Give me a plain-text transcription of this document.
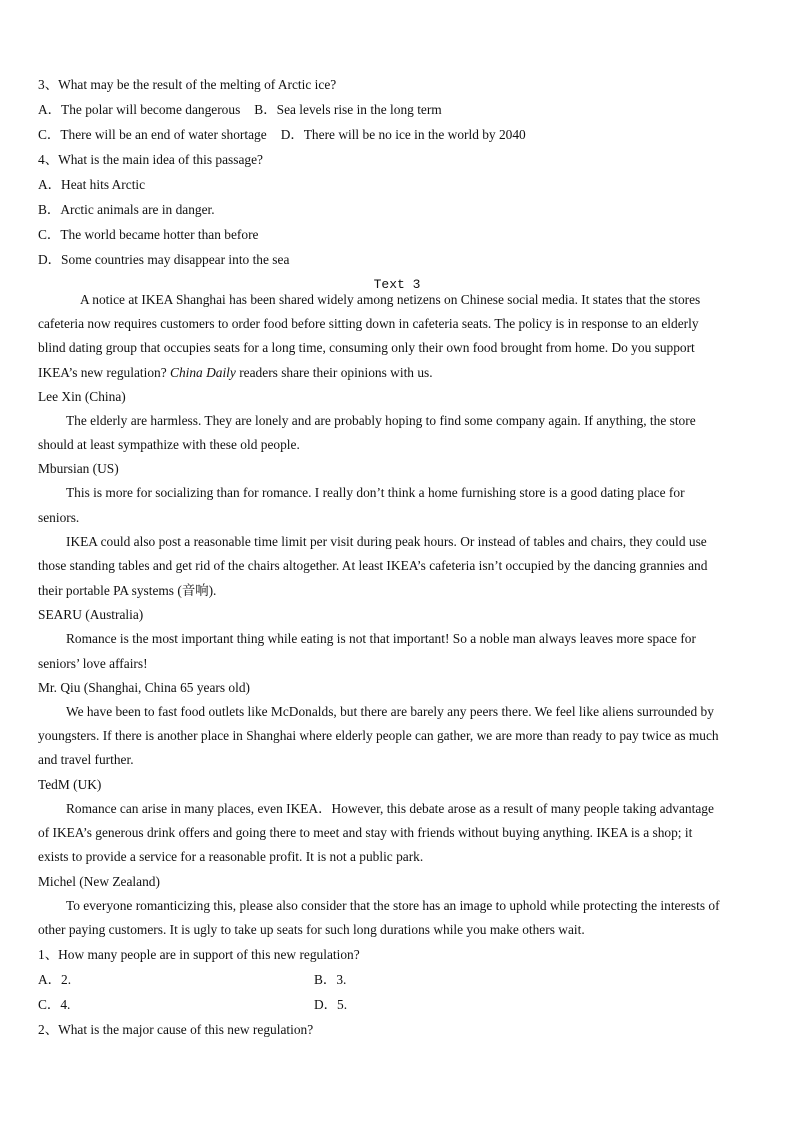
3、What may be the result of the melting of Arctic ice?
A．The polar will become dangerous B．Sea levels rise in the long term
C．There will be an end of water shortage D．There will be no ice in the world by 2040
4、What is the main idea of this passage?
A．Heat hits Arctic
B．Arctic animals are in danger.
C．The world became hotter than before
D．Some countries may disappear into the sea
Text 3
A notice at IKEA Shanghai has been shared widely among netizens on Chinese social media. It states that the stores
cafeteria now requires customers to order food before sitting down in cafeteria seats. The policy is in response to an elderly
blind dating group that occupies seats for a long time, consuming only their own food brought from home. Do you support
IKEA’s new regulation? China Daily readers share their opinions with us.
Lee Xin (China)
The elderly are harmless. They are lonely and are probably hoping to find some company again. If anything, the store
should at least sympathize with these old people.
Mbursian (US)
This is more for socializing than for romance. I really don’t think a home furnishing store is a good dating place for
seniors.
IKEA could also post a reasonable time limit per visit during peak hours. Or instead of tables and chairs, they could use
those standing tables and get rid of the chairs altogether. At least IKEA’s cafeteria isn’t occupied by the dancing grannies and
their portable PA systems (音响).
SEARU (Australia)
Romance is the most important thing while eating is not that important! So a noble man always leaves more space for
seniors’ love affairs!
Mr. Qiu (Shanghai, China 65 years old)
We have been to fast food outlets like McDonalds, but there are barely any peers there. We feel like aliens surrounded by
youngsters. If there is another place in Shanghai where elderly people can gather, we are more than ready to pay twice as much
and travel further.
TedM (UK)
Romance can arise in many places, even IKEA．However, this debate arose as a result of many people taking advantage
of IKEA’s generous drink offers and going there to meet and stay with friends without buying anything. IKEA is a shop; it
exists to provide a service for a reasonable profit. It is not a public park.
Michel (New Zealand)
To everyone romanticizing this, please also consider that the store has an image to uphold while protecting the interests of
other paying customers. It is ugly to take up seats for such long durations while you make others wait.
1、How many people are in support of this new regulation?
A．2.	B．3.
C．4.	D．5.
2、What is the major cause of this new regulation?
